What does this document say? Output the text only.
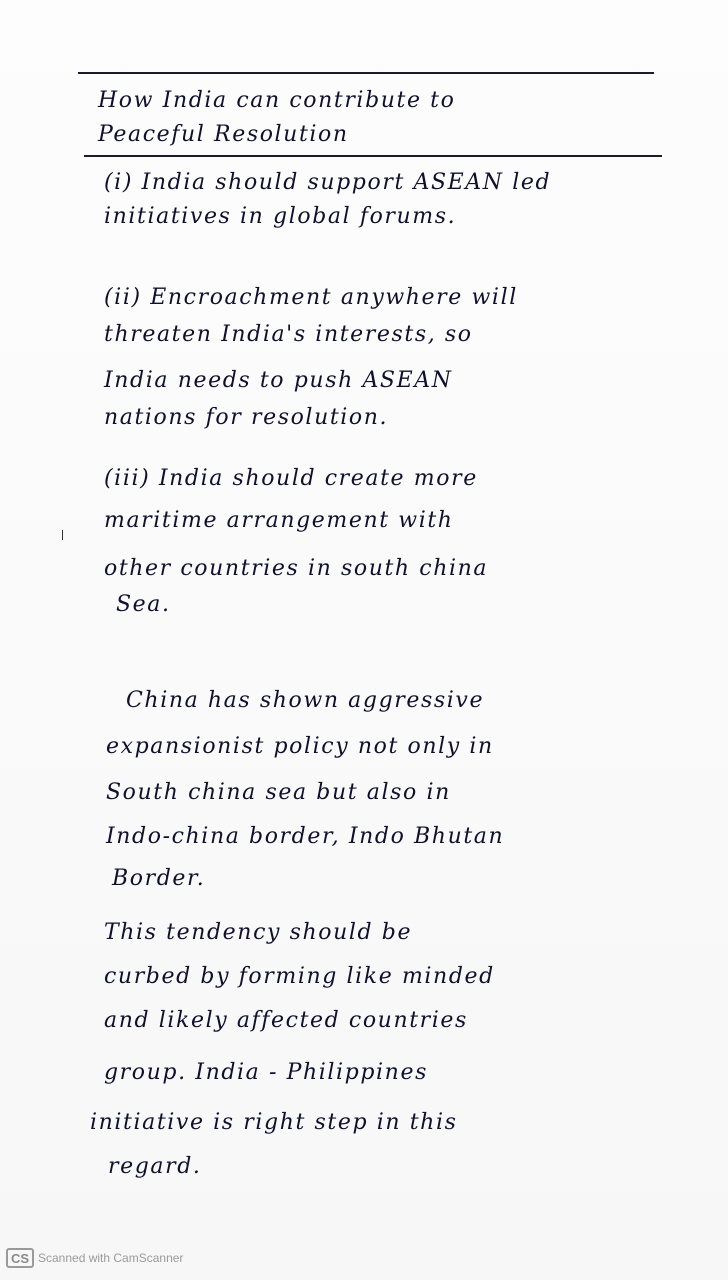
How India can contribute to
Peaceful Resolution
(i) India should support ASEAN led
initiatives in global forums.
(ii) Encroachment anywhere will
threaten India's interests, so
India needs to push ASEAN
nations for resolution.
(iii) India should create more
maritime arrangement with
other countries in south china
Sea.
China has shown aggressive
expansionist policy not only in
South china sea but also in
Indo-china border, Indo Bhutan
Border.
This tendency should be
curbed by forming like minded
and likely affected countries
group. India - Philippines
initiative is right step in this
regard.
CS Scanned with CamScanner
